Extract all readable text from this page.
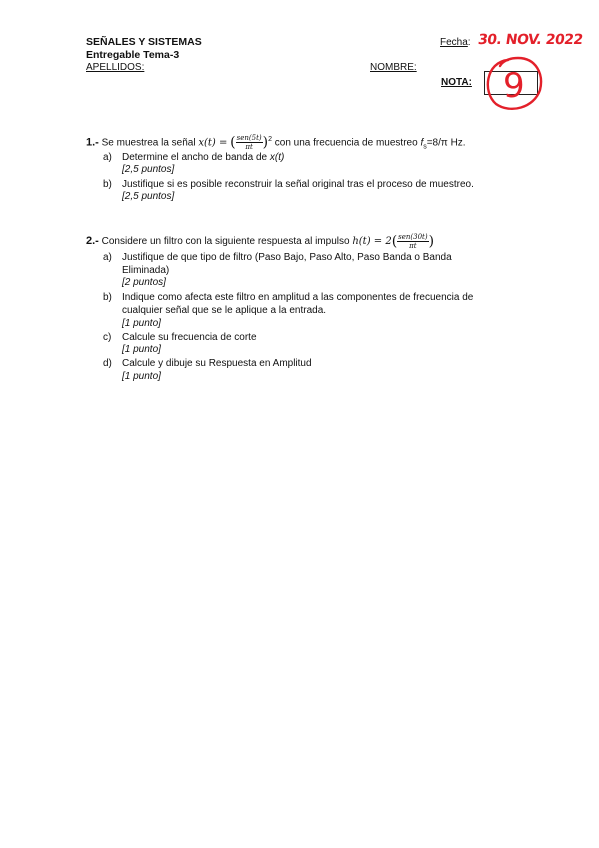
SEÑALES Y SISTEMAS
Entregable Tema-3
APELLIDOS:	NOMBRE:
Fecha: 30. NOV. 2022
NOTA: 9
1.- Se muestrea la señal x(t) = ( $\frac{\text{sen(5t)}}{\pi t} )^2$ con una frecuencia de muestreo $f_s=8/\pi$ Hz.
a) Determine el ancho de banda de x(t)
[2,5 puntos]
b) Justifique si es posible reconstruir la señal original tras el proceso de muestreo.
[2,5 puntos]
2.- Considere un filtro con la siguiente respuesta al impulso $h(t) = 2( \frac{\text{sen(30t)}}{\pi t}$ )
a) Justifique de que tipo de filtro (Paso Bajo, Paso Alto, Paso Banda o Banda
Eliminada)
[2 puntos]
b) Indique como afecta este filtro en amplitud a las componentes de frecuencia de
cualquier señal que se le aplique a la entrada.
[1 punto]
c) Calcule su frecuencia de corte
[1 punto]
d) Calcule y dibuje su Respuesta en Amplitud
[1 punto]
